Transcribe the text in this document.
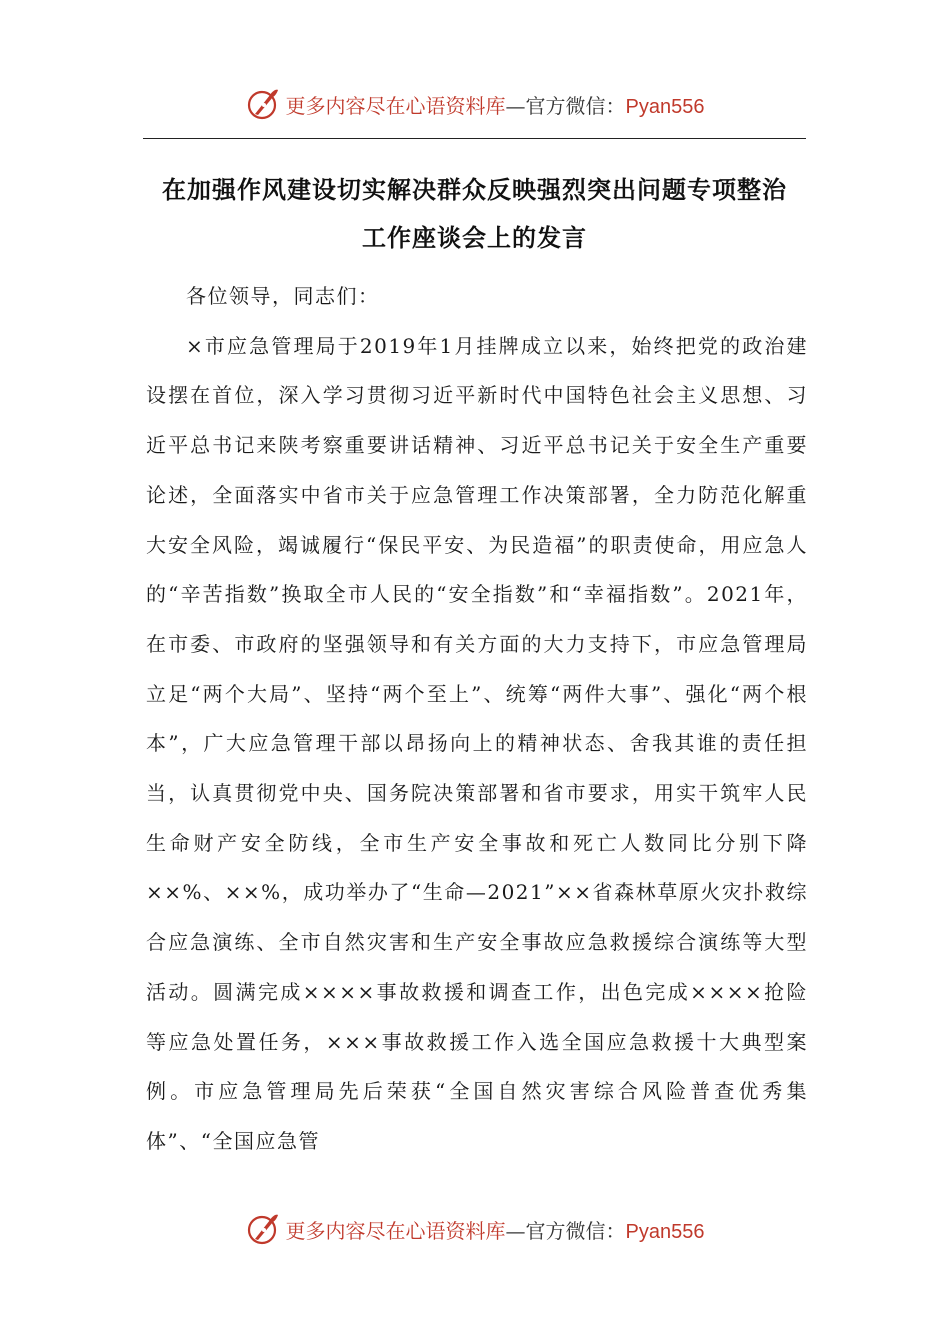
更多内容尽在心语资料库—官方微信：Pyan556
在加强作风建设切实解决群众反映强烈突出问题专项整治
工作座谈会上的发言

各位领导，同志们：

×市应急管理局于2019年1月挂牌成立以来，始终把党的政治建设摆在首位，深入学习贯彻习近平新时代中国特色社会主义思想、习近平总书记来陕考察重要讲话精神、习近平总书记关于安全生产重要论述，全面落实中省市关于应急管理工作决策部署，全力防范化解重大安全风险，竭诚履行“保民平安、为民造福”的职责使命，用应急人的“辛苦指数”换取全市人民的“安全指数”和“幸福指数”。2021年，在市委、市政府的坚强领导和有关方面的大力支持下，市应急管理局立足“两个大局”、坚持“两个至上”、统筹“两件大事”、强化“两个根本”，广大应急管理干部以昂扬向上的精神状态、舍我其谁的责任担当，认真贯彻党中央、国务院决策部署和省市要求，用实干筑牢人民生命财产安全防线，全市生产安全事故和死亡人数同比分别下降××%、××%，成功举办了“生命—2021”××省森林草原火灾扑救综合应急演练、全市自然灾害和生产安全事故应急救援综合演练等大型活动。圆满完成××××事故救援和调查工作，出色完成××××抢险等应急处置任务，×××事故救援工作入选全国应急救援十大典型案例。市应急管理局先后荣获“全国自然灾害综合风险普查优秀集体”、“全国应急管

更多内容尽在心语资料库—官方微信：Pyan556
